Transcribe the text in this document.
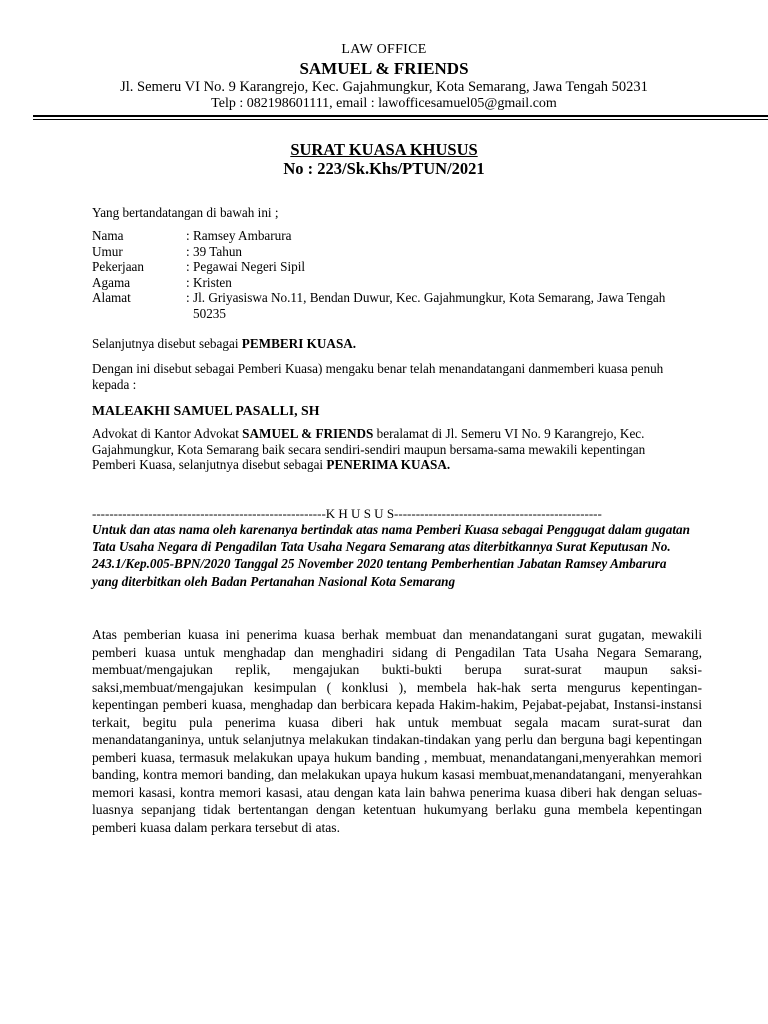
LAW OFFICE
SAMUEL & FRIENDS
Jl. Semeru VI No. 9 Karangrejo, Kec. Gajahmungkur, Kota Semarang, Jawa Tengah 50231
Telp : 082198601111, email : lawofficesamuel05@gmail.com
SURAT KUASA KHUSUS
No : 223/Sk.Khs/PTUN/2021
Yang bertandatangan di bawah ini ;
Nama	: Ramsey Ambarura
Umur	: 39 Tahun
Pekerjaan	: Pegawai Negeri Sipil
Agama	: Kristen
Alamat	: Jl. Griyasiswa No.11, Bendan Duwur, Kec. Gajahmungkur, Kota Semarang, Jawa Tengah 50235
Selanjutnya disebut sebagai PEMBERI KUASA.
Dengan ini disebut sebagai Pemberi Kuasa) mengaku benar telah menandatangani danmemberi kuasa penuh kepada :
MALEAKHI SAMUEL PASALLI, SH
Advokat di Kantor Advokat SAMUEL & FRIENDS beralamat di Jl. Semeru VI No. 9 Karangrejo, Kec. Gajahmungkur, Kota Semarang baik secara sendiri-sendiri maupun bersama-sama mewakili kepentingan Pemberi Kuasa, selanjutnya disebut sebagai PENERIMA KUASA.
------------------------------------------------------K H U S U S------------------------------------------------
Untuk dan atas nama oleh karenanya bertindak atas nama Pemberi Kuasa sebagai Penggugat dalam gugatan Tata Usaha Negara di Pengadilan Tata Usaha Negara Semarang atas diterbitkannya Surat Keputusan No. 243.1/Kep.005-BPN/2020 Tanggal 25 November 2020 tentang Pemberhentian Jabatan Ramsey Ambarura yang diterbitkan oleh Badan Pertanahan Nasional Kota Semarang
Atas pemberian kuasa ini penerima kuasa berhak membuat dan menandatangani surat gugatan, mewakili pemberi kuasa untuk menghadap dan menghadiri sidang di Pengadilan Tata Usaha Negara Semarang, membuat/mengajukan replik, mengajukan bukti-bukti berupa surat-surat maupun saksi-saksi,membuat/mengajukan kesimpulan ( konklusi ), membela hak-hak serta mengurus kepentingan-kepentingan pemberi kuasa, menghadap dan berbicara kepada Hakim-hakim, Pejabat-pejabat, Instansi-instansi terkait, begitu pula penerima kuasa diberi hak untuk membuat segala macam surat-surat dan menandatanganinya, untuk selanjutnya melakukan tindakan-tindakan yang perlu dan berguna bagi kepentingan pemberi kuasa, termasuk melakukan upaya hukum banding , membuat, menandatangani,menyerahkan memori banding, kontra memori banding, dan melakukan upaya hukum kasasi membuat,menandatangani, menyerahkan memori kasasi, kontra memori kasasi, atau dengan kata lain bahwa penerima kuasa diberi hak dengan seluas-luasnya sepanjang tidak bertentangan dengan ketentuan hukumyang berlaku guna membela kepentingan pemberi kuasa dalam perkara tersebut di atas.
